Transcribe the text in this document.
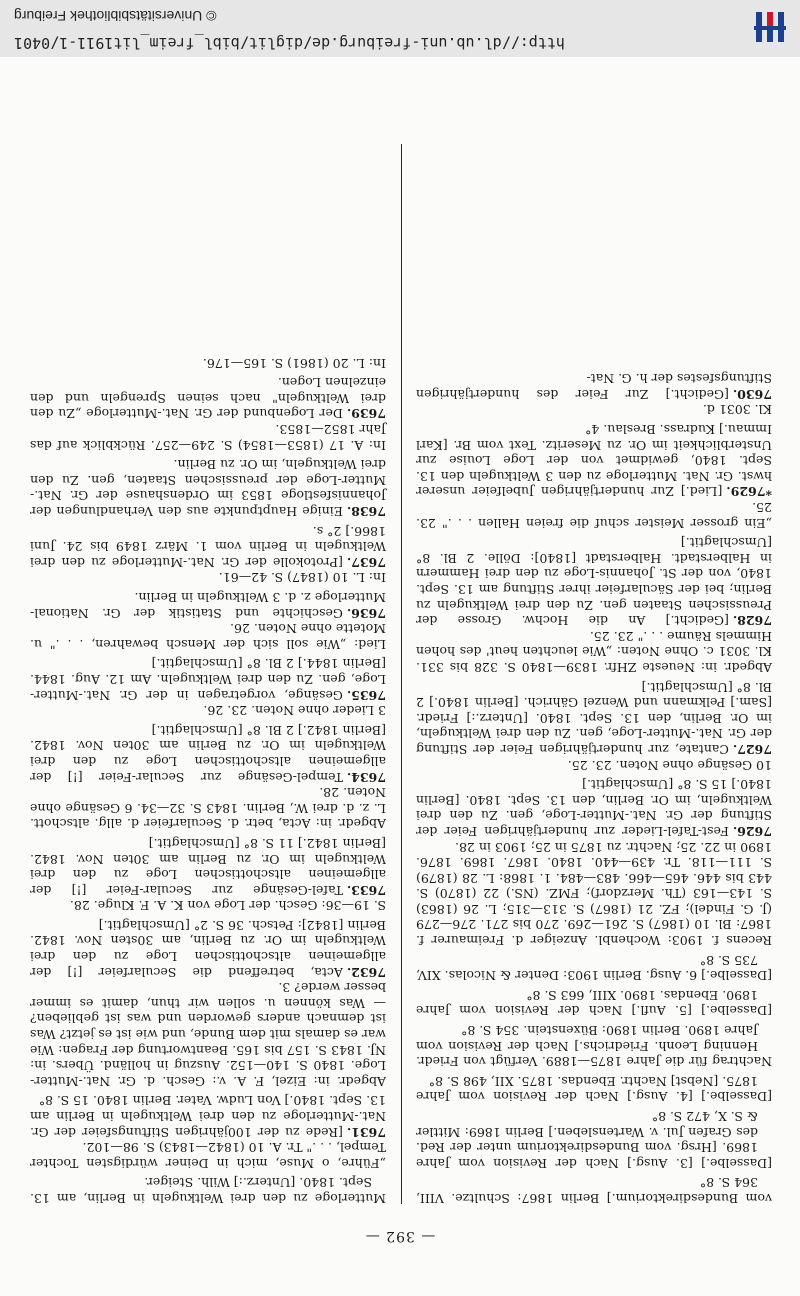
© Universitätsbibliothek Freiburg
http://dl.ub.uni-freiburg.de/diglit/bibl_freim_lit1911-1/0401
— 392 —

vom Bundesdirektorium.] Berlin 1867: Schultze. VIII, 364 S. 8°

[Dasselbe.] [3. Ausg.] Nach der Revision vom Jahre 1869. [Hrsg. vom Bundesdirektorium unter der Red. des Grafen Jul. v. Wartensleben.] Berlin 1869: Mittler & S. X, 472 S. 8°

[Dasselbe.] [4. Ausg.] Nach der Revision vom Jahre 1875. [Nebst] Nachtr. Ebendas. 1875. XII, 498 S. 8°

Nachtrag für die Jahre 1875—1889. Verfügt von Friedr. Henning Leonh. Friedrichs.] Nach der Revision vom Jahre 1890. Berlin 1890: Büxenstein. 354 S. 8°

[Dasselbe.] [5. Aufl.] Nach der Revision vom Jahre 1890. Ebendas. 1890. XIII, 663 S. 8°

[Dasselbe.] 6. Ausg. Berlin 1903: Denter & Nicolas. XIV, 735 S. 8°

Recens f. 1903: Wochenbl. Anzeiger d. Freimaurer f. 1867: Bl. 10 (1867) S. 261—269. 270 bis 271. 276—279 (J. G. Findel); FZ. 21 (1867) S. 313—315; L. 26 (1863) S. 143—163 (Th. Merzdorf); FMZ. (NS.) 22 (1870) S. 443 bis 446. 465—466. 483—484. 1. 1868: L. 28 (1879) S. 111—118. Tr. 439—440. 1840. 1867. 1869. 1876. 1890 in 22. 25; Nachtr. zu 1875 in 25; 1903 in 28.

7626.Fest-Tafel-Lieder zur hundertjährigen Feier der Stiftung der Gr. Nat.-Mutter-Loge, gen. Zu den drei Weltkugeln, im Or. Berlin, den 13. Sept. 1840. [Berlin 1840.] 15 S. 8° [Umschlagtit.]

10 Gesänge ohne Noten. 23. 25.

7627.Cantate, zur hundertjährigen Feier der Stiftung der Gr. Nat.-Mutter-Loge, gen. Zu den drei Weltkugeln, im Or. Berlin, den 13. Sept. 1840. [Unterz.:] Friedr. [Sam.] Pelkmann und Wenzel Gährich. [Berlin 1840.] 2 Bl. 8° [Umschlagtit.]

Abgedr. in: Neueste ZHfr. 1839—1840 S. 328 bis 331. Kl. 3031 c. Ohne Noten: „Wie leuchten heut' des hohen Himmels Räume . . ." 23. 25.

7628.[Gedicht.] An die Hochw. Grosse der Preussischen Staaten gen. Zu den drei Weltkugeln zu Berlin; bei der Säcularfeier ihrer Stiftung am 13. Sept. 1840, von der St. Johannis-Loge zu den drei Hammern in Halberstadt. Halberstadt [1840]: Dölle. 2 Bl. 8° [Umschlagtit.]

„Ein grosser Meister schuf die freien Hallen . . ." 23. 25.

*7629.[Lied.] Zur hundertjährigen Jubelfeier unserer hwst. Gr. Nat. Mutterloge zu den 3 Weltkugeln den 13. Sept. 1840, gewidmet von der Loge Louise zur Unsterblichkeit im Or. zu Meseritz. Text vom Br. [Karl Immau.] Kudrass. Breslau. 4°

Kl. 3031 d.

7630.[Gedicht.] Zur Feier des hundertjährigen Stiftungsfestes der h. G. Nat-

Mutterloge zu den drei Weltkugeln in Berlin, am 13. Sept. 1840. [Unterz.:] Wilh. Steiger.

„Führe, o Muse, mich in Deiner würdigsten Tochter Tempel, . . ." Tr. A. 10 (1842—1843) S. 98—102.

7631.[Rede zu der 100jährigen Stiftungsfeier der Gr. Nat.-Mutterloge zu den drei Weltkugeln in Berlin am 13. Sept. 1840.] Von Ludw. Vater. Berlin 1840. 15 S. 8°

Abgedr. in: Eizel, F. A. v.: Gesch. d. Gr. Nat.-Mutter-Loge. 1840 S. 140—152. Auszug in holländ. Übers. in: NJ. 1843 S. 157 bis 165. Beantwortung der Fragen: Wie war es damals mit dem Bunde, und wie ist es jetzt? Was ist demnach anders geworden und was ist geblieben? — Was können u. sollen wir thun, damit es immer besser werde? 3.

7632.Acta, betreffend die Secularfeier [!] der allgemeinen altschottischen Loge zu den drei Weltkugeln im Or. zu Berlin, am 30sten Nov. 1842. Berlin [1842]: Petsch. 36 S. 2° [Umschlagtit.]

S. 19—36: Gesch. der Loge von K. A. F. Kluge. 28.

7633.Tafel-Gesänge zur Secular-Feier [!] der allgemeinen altschottischen Loge zu den drei Weltkugeln im Or. zu Berlin am 30ten Nov. 1842. [Berlin 1842.] 11 S. 8° [Umschlagtit.]

Abgedr. in: Acta, betr. d. Secularfeier d. allg. altschott. L. z. d. drei W., Berlin. 1843 S. 32—34. 6 Gesänge ohne Noten. 28.

7634.Tempel-Gesänge zur Secular-Feier [!] der allgemeinen altschottischen Loge zu den drei Weltkugeln im Or. zu Berlin am 30ten Nov. 1842. [Berlin 1842.] 2 Bl. 8° [Umschlagtit.]

3 Lieder ohne Noten. 23. 26.

7635.Gesänge, vorgetragen in der Gr. Nat.-Mutter-Loge, gen. Zu den drei Weltkugeln. Am 12. Aug. 1844. [Berlin 1844.] 2 Bl. 8° [Umschlagtit.]

Lied: „Wie soll sich der Mensch bewahren, . . ." u. Motette ohne Noten. 26.

7636.Geschichte und Statistik der Gr. National-Mutterloge z. d. 3 Weltkugeln in Berlin.

In: L. 10 (1847) S. 42—61.

7637.[Protokolle der Gr. Nat.-Mutterloge zu den drei Weltkugeln in Berlin vom 1. März 1849 bis 24. Juni 1866.] 2° s.

7638.Einige Hauptpunkte aus den Verhandlungen der Johannisfestloge 1853 im Ordenshause der Gr. Nat.-Mutter-Loge der preussischen Staaten, gen. Zu den drei Weltkugeln, im Or. zu Berlin.

In: A. 17 (1853—1854) S. 249—257. Rückblick auf das Jahr 1852—1853.

7639.Der Logenbund der Gr. Nat.-Mutterloge „Zu den drei Weltkugeln" nach seinen Sprengeln und den einzelnen Logen.

In: L. 20 (1861) S. 165—176.
